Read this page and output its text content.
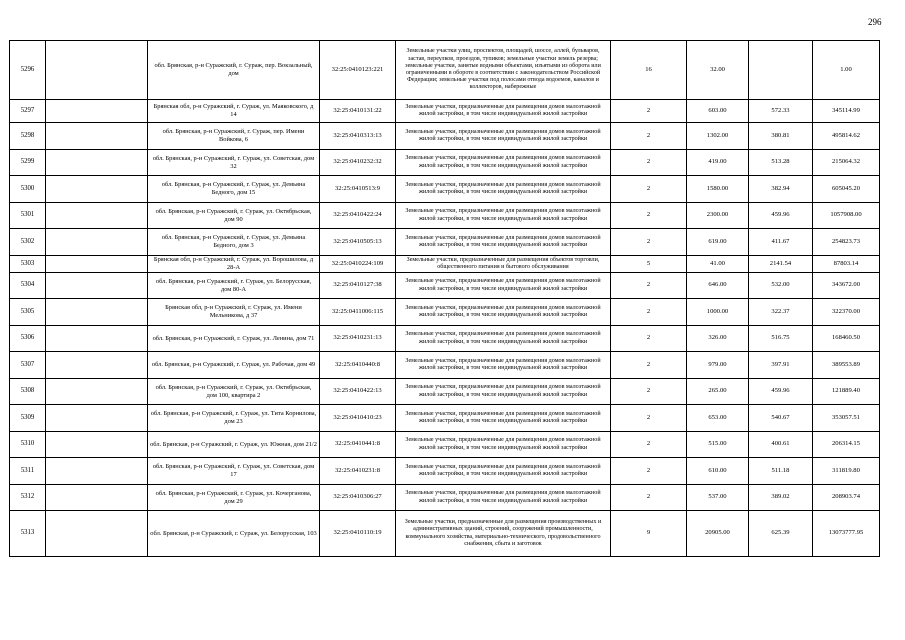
296
5296		обл. Брянская, р-н Суражский, г. Сураж, пер. Вокзальный, дом	32:25:0410123:221	Земельные участки улиц, проспектов, площадей, шоссе, аллей, бульваров, застав, переулков, проездов, тупиков; земельные участки земель резерва; земельные участки, занятые водными объектами, изъятыми из оборота или ограниченными в обороте в соответствии с законодательством Российской Федерации; земельные участки под полосами отвода водоемов, каналов и коллекторов, набережные	16	32.00		1.00
5297		Брянская обл, р-н Суражский, г. Сураж, ул. Маяковского, д 14	32:25:0410131:22	Земельные участки, предназначенные для размещения домов малоэтажной жилой застройки, в том числе индивидуальной жилой застройки	2	603.00	572.33	345114.99
5298		обл. Брянская, р-н Суражский, г. Сураж, пер. Имени Войкова, 6	32:25:0410313:13	Земельные участки, предназначенные для размещения домов малоэтажной жилой застройки, в том числе индивидуальной жилой застройки	2	1302.00	380.81	495814.62
5299		обл. Брянская, р-н Суражский, г. Сураж, ул. Советская, дом 32	32:25:0410232:32	Земельные участки, предназначенные для размещения домов малоэтажной жилой застройки, в том числе индивидуальной жилой застройки	2	419.00	513.28	215064.32
5300		обл. Брянская, р-н Суражский, г. Сураж, ул. Демьяна Бедного, дом 15	32:25:0410513:9	Земельные участки, предназначенные для размещения домов малоэтажной жилой застройки, в том числе индивидуальной жилой застройки	2	1580.00	382.94	605045.20
5301		обл. Брянская, р-н Суражский, г. Сураж, ул. Октябрьская, дом 90	32:25:0410422:24	Земельные участки, предназначенные для размещения домов малоэтажной жилой застройки, в том числе индивидуальной жилой застройки	2	2300.00	459.96	1057908.00
5302		обл. Брянская, р-н Суражский, г. Сураж, ул. Демьяна Бедного, дом 3	32:25:0410505:13	Земельные участки, предназначенные для размещения домов малоэтажной жилой застройки, в том числе индивидуальной жилой застройки	2	619.00	411.67	254823.73
5303		Брянская обл, р-н Суражский, г. Сураж, ул. Ворошилова, д 28-А	32:25:0410224:109	Земельные участки, предназначенные для размещения объектов торговли, общественного питания и бытового обслуживания	5	41.00	2141.54	87803.14
5304		обл. Брянская, р-н Суражский, г. Сураж, ул. Белорусская, дом 80-А	32:25:0410127:38	Земельные участки, предназначенные для размещения домов малоэтажной жилой застройки, в том числе индивидуальной жилой застройки	2	646.00	532.00	343672.00
5305		Брянская обл, р-н Суражский, г. Сураж, ул. Имени Мельникова, д 37	32:25:0411006:115	Земельные участки, предназначенные для размещения домов малоэтажной жилой застройки, в том числе индивидуальной жилой застройки	2	1000.00	322.37	322370.00
5306		обл. Брянская, р-н Суражский, г. Сураж, ул. Ленина, дом 71	32:25:0410231:13	Земельные участки, предназначенные для размещения домов малоэтажной жилой застройки, в том числе индивидуальной жилой застройки	2	326.00	516.75	168460.50
5307		обл. Брянская, р-н Суражский, г. Сураж, ул. Рабочая, дом 49	32:25:0410440:8	Земельные участки, предназначенные для размещения домов малоэтажной жилой застройки, в том числе индивидуальной жилой застройки	2	979.00	397.91	389553.89
5308		обл. Брянская, р-н Суражский, г. Сураж, ул. Октябрьская, дом 100, квартира 2	32:25:0410422:13	Земельные участки, предназначенные для размещения домов малоэтажной жилой застройки, в том числе индивидуальной жилой застройки	2	265.00	459.96	121889.40
5309		обл. Брянская, р-н Суражский, г. Сураж, ул. Тита Корнилова, дом 23	32:25:0410410:23	Земельные участки, предназначенные для размещения домов малоэтажной жилой застройки, в том числе индивидуальной жилой застройки	2	653.00	540.67	353057.51
5310		обл. Брянская, р-н Суражский, г. Сураж, ул. Южная, дом 21/2	32:25:0410441:8	Земельные участки, предназначенные для размещения домов малоэтажной жилой застройки, в том числе индивидуальной жилой застройки	2	515.00	400.61	206314.15
5311		обл. Брянская, р-н Суражский, г. Сураж, ул. Советская, дом 17	32:25:0410231:8	Земельные участки, предназначенные для размещения домов малоэтажной жилой застройки, в том числе индивидуальной жилой застройки	2	610.00	511.18	311819.80
5312		обл. Брянская, р-н Суражский, г. Сураж, ул. Кочерганова, дом 29	32:25:0410306:27	Земельные участки, предназначенные для размещения домов малоэтажной жилой застройки, в том числе индивидуальной жилой застройки	2	537.00	389.02	208903.74
5313		обл. Брянская, р-н Суражский, г. Сураж, ул. Белорусская, 103	32:25:0410110:19	Земельные участки, предназначенные для размещения производственных и административных зданий, строений, сооружений промышленности, коммунального хозяйства, материально-технического, продовольственного снабжения, сбыта и заготовок	9	20905.00	625.39	13073777.95
